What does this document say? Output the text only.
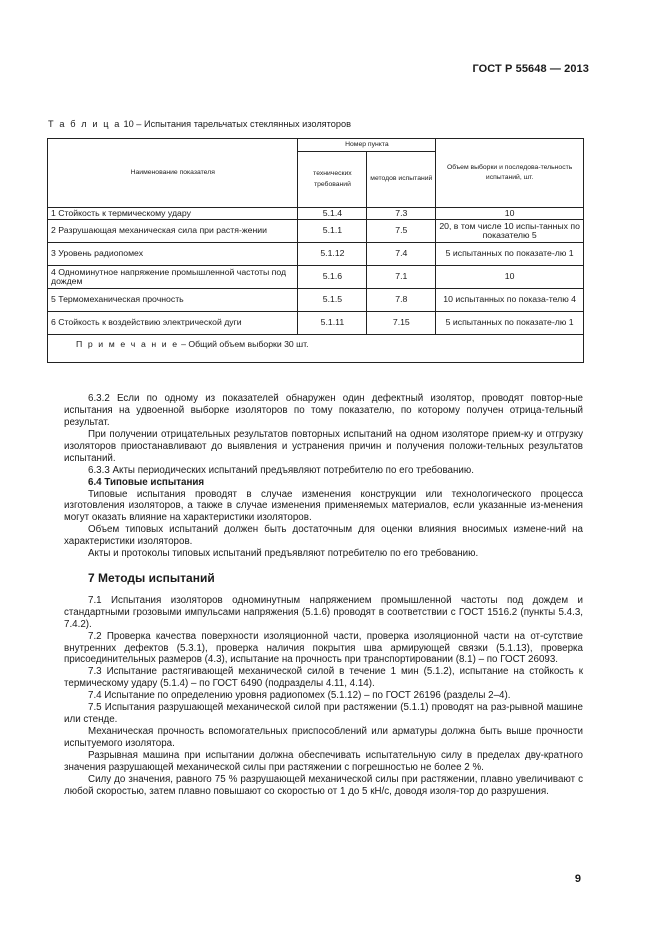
ГОСТ Р 55648 — 2013
Т а б л и ц а 10 – Испытания тарельчатых стеклянных изоляторов
Наименование показателя	Номер пункта		Объем выборки и последова-тельность испытаний, шт.
	технических требований	методов испытаний	
1 Стойкость к термическому удару	5.1.4	7.3	10
2 Разрушающая механическая сила при растя-жении	5.1.1	7.5	20, в том числе 10 испы-танных по показателю 5
3 Уровень радиопомех	5.1.12	7.4	5 испытанных по показате-лю 1
4 Одноминутное напряжение промышленной частоты под дождем	5.1.6	7.1	10
5 Термомеханическая прочность	5.1.5	7.8	10 испытанных по показа-телю 4
6 Стойкость к воздействию электрической дуги	5.1.11	7.15	5 испытанных по показате-лю 1
П р и м е ч а н и е – Общий объем выборки 30 шт.			

6.3.2 Если по одному из показателей обнаружен один дефектный изолятор, проводят повтор-ные испытания на удвоенной выборке изоляторов по тому показателю, по которому получен отрица-тельный результат.

При получении отрицательных результатов повторных испытаний на одном изоляторе прием-ку и отгрузку изоляторов приостанавливают до выявления и устранения причин и получения положи-тельных результатов испытаний.

6.3.3 Акты периодических испытаний предъявляют потребителю по его требованию.

6.4 Типовые испытания

Типовые испытания проводят в случае изменения конструкции или технологического процесса изготовления изоляторов, а также в случае изменения применяемых материалов, если указанные из-менения могут оказать влияние на характеристики изоляторов.

Объем типовых испытаний должен быть достаточным для оценки влияния вносимых измене-ний на характеристики изоляторов.

Акты и протоколы типовых испытаний предъявляют потребителю по его требованию.

7 Методы испытаний

7.1 Испытания изоляторов одноминутным напряжением промышленной частоты под дождем и стандартными грозовыми импульсами напряжения (5.1.6) проводят в соответствии с ГОСТ 1516.2 (пункты 5.4.3, 7.4.2).

7.2 Проверка качества поверхности изоляционной части, проверка изоляционной части на от-сутствие внутренних дефектов (5.3.1), проверка наличия покрытия шва армирующей связки (5.1.13), проверка присоединительных размеров (4.3), испытание на прочность при транспортировании (8.1) – по ГОСТ 26093.

7.3 Испытание растягивающей механической силой в течение 1 мин (5.1.2), испытание на стойкость к термическому удару (5.1.4) – по ГОСТ 6490 (подразделы 4.11, 4.14).

7.4 Испытание по определению уровня радиопомех (5.1.12) – по ГОСТ 26196 (разделы 2–4).

7.5 Испытания разрушающей механической силой при растяжении (5.1.1) проводят на раз-рывной машине или стенде.

Механическая прочность вспомогательных приспособлений или арматуры должна быть выше прочности испытуемого изолятора.

Разрывная машина при испытании должна обеспечивать испытательную силу в пределах дву-кратного значения разрушающей механической силы при растяжении с погрешностью не более 2 %.

Силу до значения, равного 75 % разрушающей механической силы при растяжении, плавно увеличивают с любой скоростью, затем плавно повышают со скоростью от 1 до 5 кН/с, доводя изоля-тор до разрушения.

9
